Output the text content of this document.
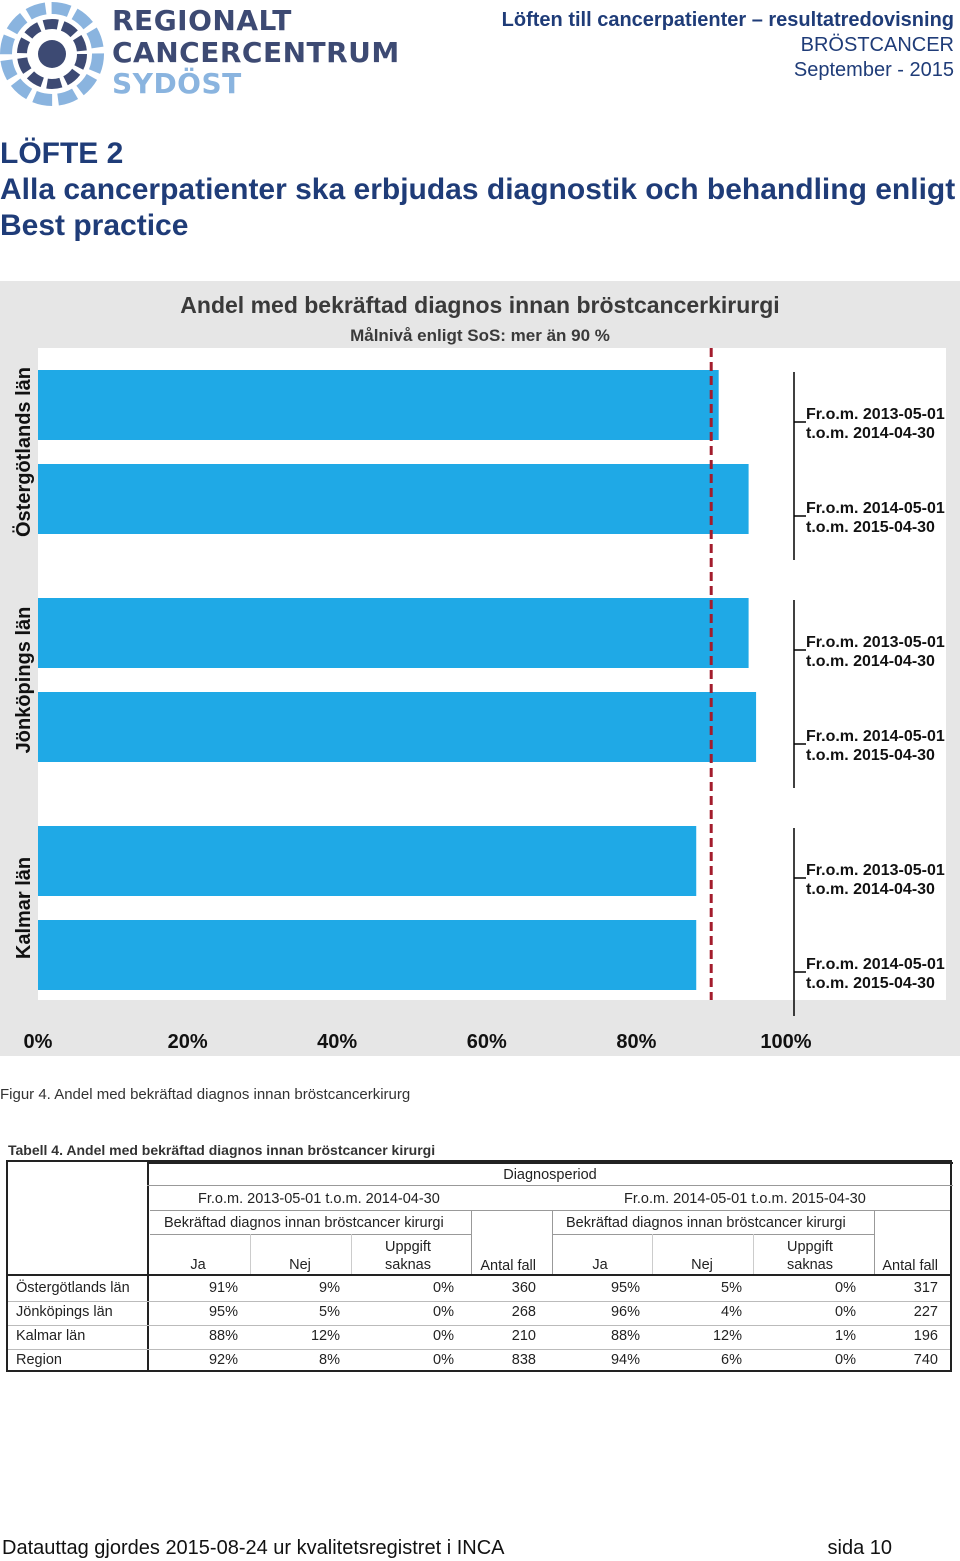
REGIONALT
CANCERCENTRUM
SYDÖST
Löften till cancerpatienter – resultatredovisning
BRÖSTCANCER
September - 2015
LÖFTE 2
Alla cancerpatienter ska erbjudas diagnostik och behandling enligt Best practice
Andel med bekräftad diagnos innan bröstcancerkirurgi
Målnivå enligt SoS: mer än 90 %
Östergötlands län	Fr.o.m. 2013-05-01
t.o.m. 2014-04-30
Fr.o.m. 2014-05-01
t.o.m. 2015-04-30
Jönköpings län	Fr.o.m. 2013-05-01
t.o.m. 2014-04-30
Fr.o.m. 2014-05-01
t.o.m. 2015-04-30
Kalmar län	Fr.o.m. 2013-05-01
t.o.m. 2014-04-30
Fr.o.m. 2014-05-01
t.o.m. 2015-04-30
0%	20%	40%	60%	80%	100%
Figur 4. Andel med bekräftad diagnos innan bröstcancerkirurg
Tabell 4. Andel med bekräftad diagnos innan bröstcancer kirurgi
Diagnosperiod
Fr.o.m. 2013-05-01 t.o.m. 2014-04-30	Fr.o.m. 2014-05-01 t.o.m. 2015-04-30
Bekräftad diagnos innan bröstcancer kirurgi	Bekräftad diagnos innan bröstcancer kirurgi
Ja	Nej
Uppgift
saknas	Antal fall	Ja	Nej
Uppgift
saknas	Antal fall
Östergötlands län	91%	9%	0%	360	95%	5%	0%	317
Jönköpings län	95%	5%	0%	268	96%	4%	0%	227
Kalmar län	88%	12%	0%	210	88%	12%	1%	196
Region	92%	8%	0%	838	94%	6%	0%	740
Datauttag gjordes 2015-08-24 ur kvalitetsregistret i INCA	sida 10
